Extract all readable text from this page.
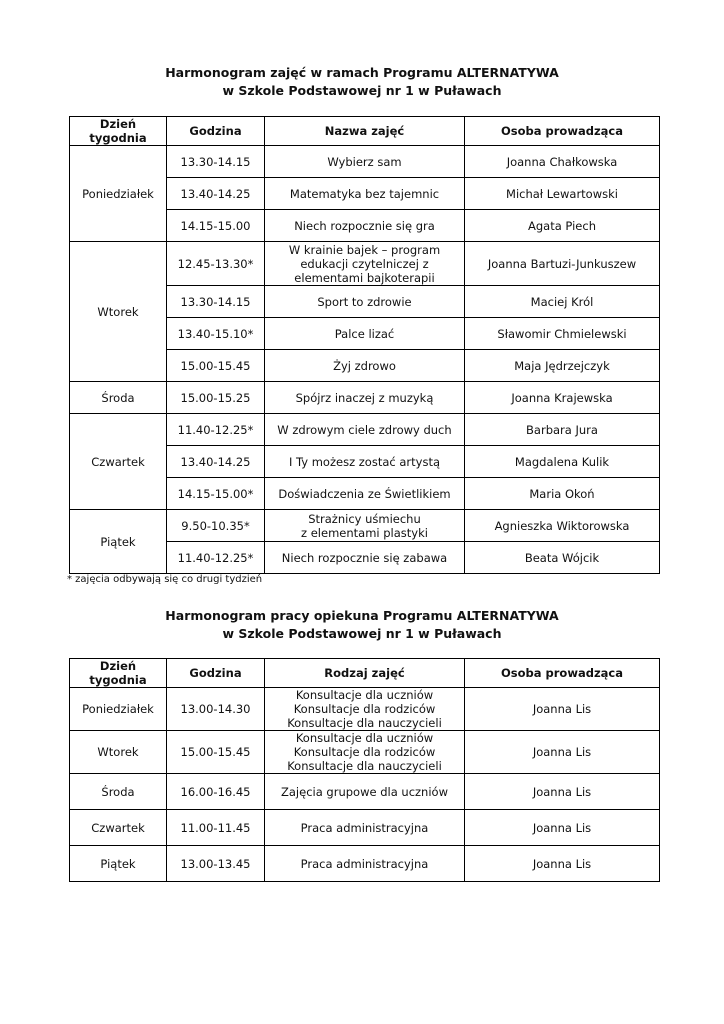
Harmonogram zajęć w ramach Programu ALTERNATYWA
w Szkole Podstawowej nr 1 w Puławach
Dzień tygodnia	Godzina	Nazwa zajęć	Osoba prowadząca
Poniedziałek	13.30-14.15	Wybierz sam	Joanna Chałkowska
	13.40-14.25	Matematyka bez tajemnic	Michał Lewartowski
	14.15-15.00	Niech rozpocznie się gra	Agata Piech
Wtorek	12.45-13.30*	W krainie bajek – program edukacji czytelniczej z elementami bajkoterapii	Joanna Bartuzi-Junkuszew
	13.30-14.15	Sport to zdrowie	Maciej Król
	13.40-15.10*	Palce lizać	Sławomir Chmielewski
	15.00-15.45	Żyj zdrowo	Maja Jędrzejczyk
Środa	15.00-15.25	Spójrz inaczej z muzyką	Joanna Krajewska
Czwartek	11.40-12.25*	W zdrowym ciele zdrowy duch	Barbara Jura
	13.40-14.25	I Ty możesz zostać artystą	Magdalena Kulik
	14.15-15.00*	Doświadczenia ze Świetlikiem	Maria Okoń
Piątek	9.50-10.35*	Strażnicy uśmiechu
z elementami plastyki	Agnieszka Wiktorowska
	11.40-12.25*	Niech rozpocznie się zabawa	Beata Wójcik
* zajęcia odbywają się co drugi tydzień
Harmonogram pracy opiekuna Programu ALTERNATYWA
w Szkole Podstawowej nr 1 w Puławach
Dzień tygodnia	Godzina	Rodzaj zajęć	Osoba prowadząca
Poniedziałek	13.00-14.30	Konsultacje dla uczniów
Konsultacje dla rodziców
Konsultacje dla nauczycieli	Joanna Lis
Wtorek	15.00-15.45	Konsultacje dla uczniów
Konsultacje dla rodziców
Konsultacje dla nauczycieli	Joanna Lis
Środa	16.00-16.45	Zajęcia grupowe dla uczniów	Joanna Lis
Czwartek	11.00-11.45	Praca administracyjna	Joanna Lis
Piątek	13.00-13.45	Praca administracyjna	Joanna Lis
